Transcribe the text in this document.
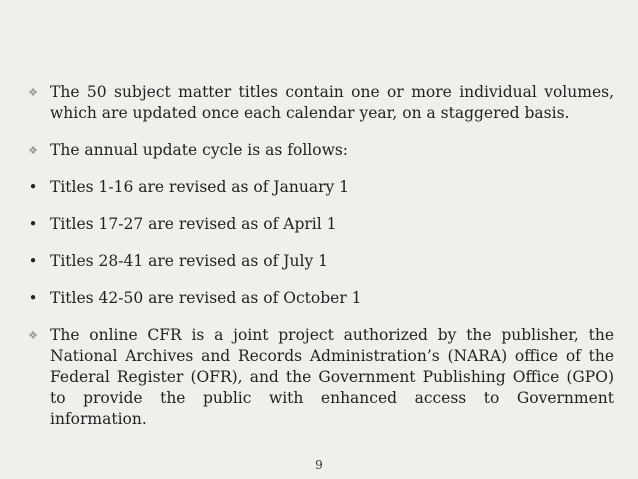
❖ The 50 subject matter titles contain one or more individual volumes, which are updated once each calendar year, on a staggered basis.
❖ The annual update cycle is as follows:
• Titles 1-16 are revised as of January 1
• Titles 17-27 are revised as of April 1
• Titles 28-41 are revised as of July 1
• Titles 42-50 are revised as of October 1
❖ The online CFR is a joint project authorized by the publisher, the National Archives and Records Administration’s (NARA) office of the Federal Register (OFR), and the Government Publishing Office (GPO) to provide the public with enhanced access to Government information.
9
